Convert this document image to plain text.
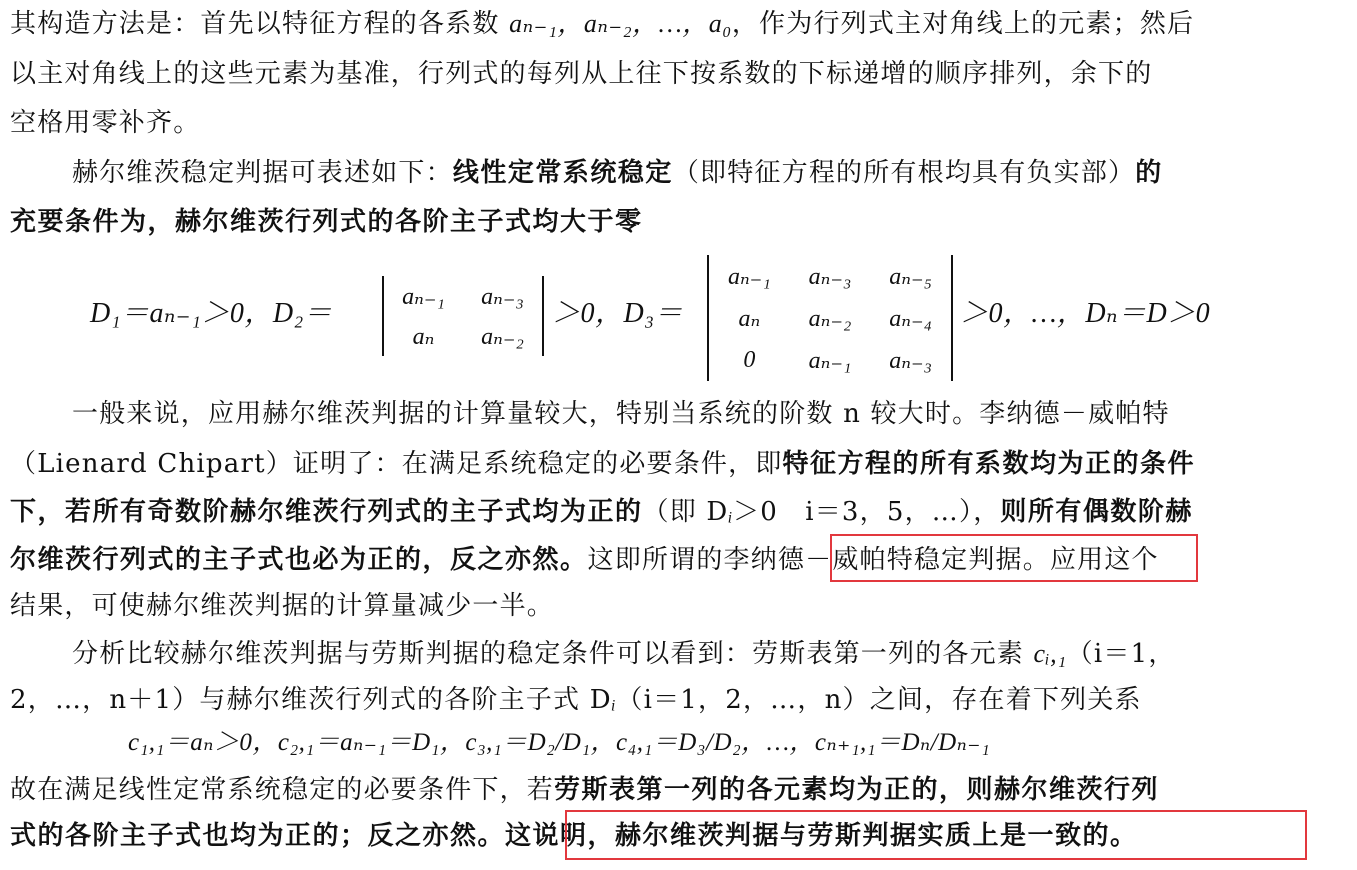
其构造方法是：首先以特征方程的各系数 aₙ₋₁，aₙ₋₂，…，a₀，作为行列式主对角线上的元素；然后
以主对角线上的这些元素为基准，行列式的每列从上往下按系数的下标递增的顺序排列，余下的
空格用零补齐。
赫尔维茨稳定判据可表述如下：线性定常系统稳定（即特征方程的所有根均具有负实部）的
充要条件为，赫尔维茨行列式的各阶主子式均大于零
D₁＝aₙ₋₁＞0，D₂＝
aₙ₋₁	aₙ₋₃
aₙ	aₙ₋₂
＞0，D₃＝
aₙ₋₁	aₙ₋₃	aₙ₋₅
aₙ	aₙ₋₂	aₙ₋₄
0	aₙ₋₁	aₙ₋₃
＞0，…，Dₙ＝D＞0
一般来说，应用赫尔维茨判据的计算量较大，特别当系统的阶数 n 较大时。李纳德－威帕特
（Lienard Chipart）证明了：在满足系统稳定的必要条件，即特征方程的所有系数均为正的条件
下，若所有奇数阶赫尔维茨行列式的主子式均为正的（即 Dᵢ＞0　i＝3，5，…），则所有偶数阶赫
尔维茨行列式的主子式也必为正的，反之亦然。这即所谓的李纳德－威帕特稳定判据。应用这个
结果，可使赫尔维茨判据的计算量减少一半。
分析比较赫尔维茨判据与劳斯判据的稳定条件可以看到：劳斯表第一列的各元素 cᵢ,₁（i＝1，
2，…，n＋1）与赫尔维茨行列式的各阶主子式 Dᵢ（i＝1，2，…，n）之间，存在着下列关系
c₁,₁＝aₙ＞0，c₂,₁＝aₙ₋₁＝D₁，c₃,₁＝D₂/D₁，c₄,₁＝D₃/D₂，…，cₙ₊₁,₁＝Dₙ/Dₙ₋₁
故在满足线性定常系统稳定的必要条件下，若劳斯表第一列的各元素均为正的，则赫尔维茨行列
式的各阶主子式也均为正的；反之亦然。这说明，赫尔维茨判据与劳斯判据实质上是一致的。
